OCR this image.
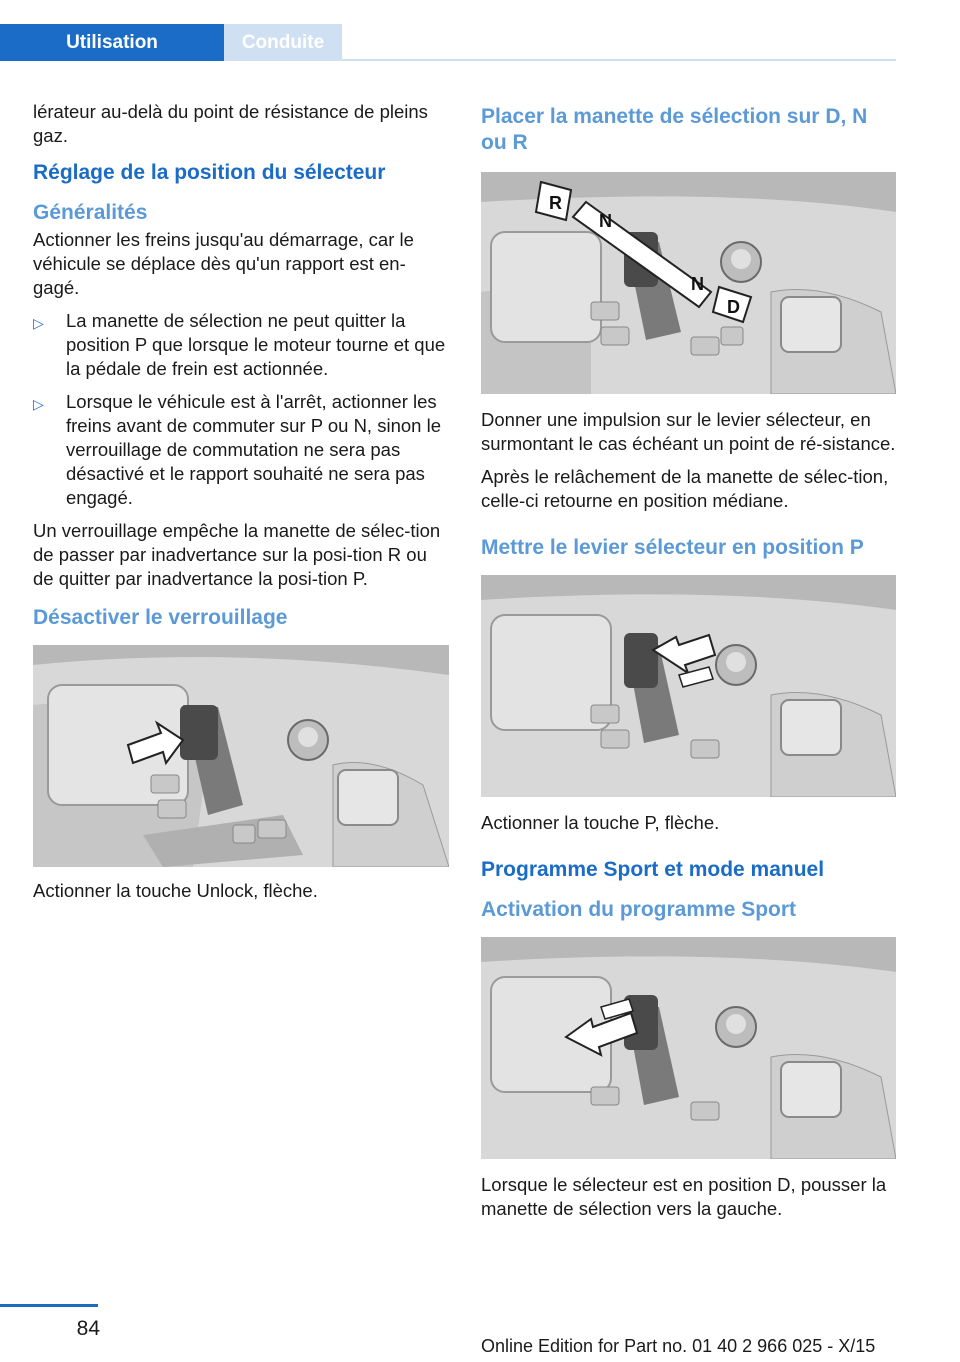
Utilisation	Conduite

lérateur au-delà du point de résistance de pleins gaz.

Réglage de la position du sélecteur
Généralités

Actionner les freins jusqu'au démarrage, car le véhicule se déplace dès qu'un rapport est en-gagé.

▷ La manette de sélection ne peut quitter la position P que lorsque le moteur tourne et que la pédale de frein est actionnée.
▷ Lorsque le véhicule est à l'arrêt, actionner les freins avant de commuter sur P ou N, sinon le verrouillage de commutation ne sera pas désactivé et le rapport souhaité ne sera pas engagé.

Un verrouillage empêche la manette de sélec-tion de passer par inadvertance sur la posi-tion R ou de quitter par inadvertance la posi-tion P.

Désactiver le verrouillage

Actionner la touche Unlock, flèche.

Placer la manette de sélection sur D, N ou R
R
N
N
D

Donner une impulsion sur le levier sélecteur, en surmontant le cas échéant un point de ré-sistance.

Après le relâchement de la manette de sélec-tion, celle-ci retourne en position médiane.

Mettre le levier sélecteur en position P

Actionner la touche P, flèche.

Programme Sport et mode manuel
Activation du programme Sport

Lorsque le sélecteur est en position D, pousser la manette de sélection vers la gauche.

84
Online Edition for Part no. 01 40 2 966 025 - X/15
